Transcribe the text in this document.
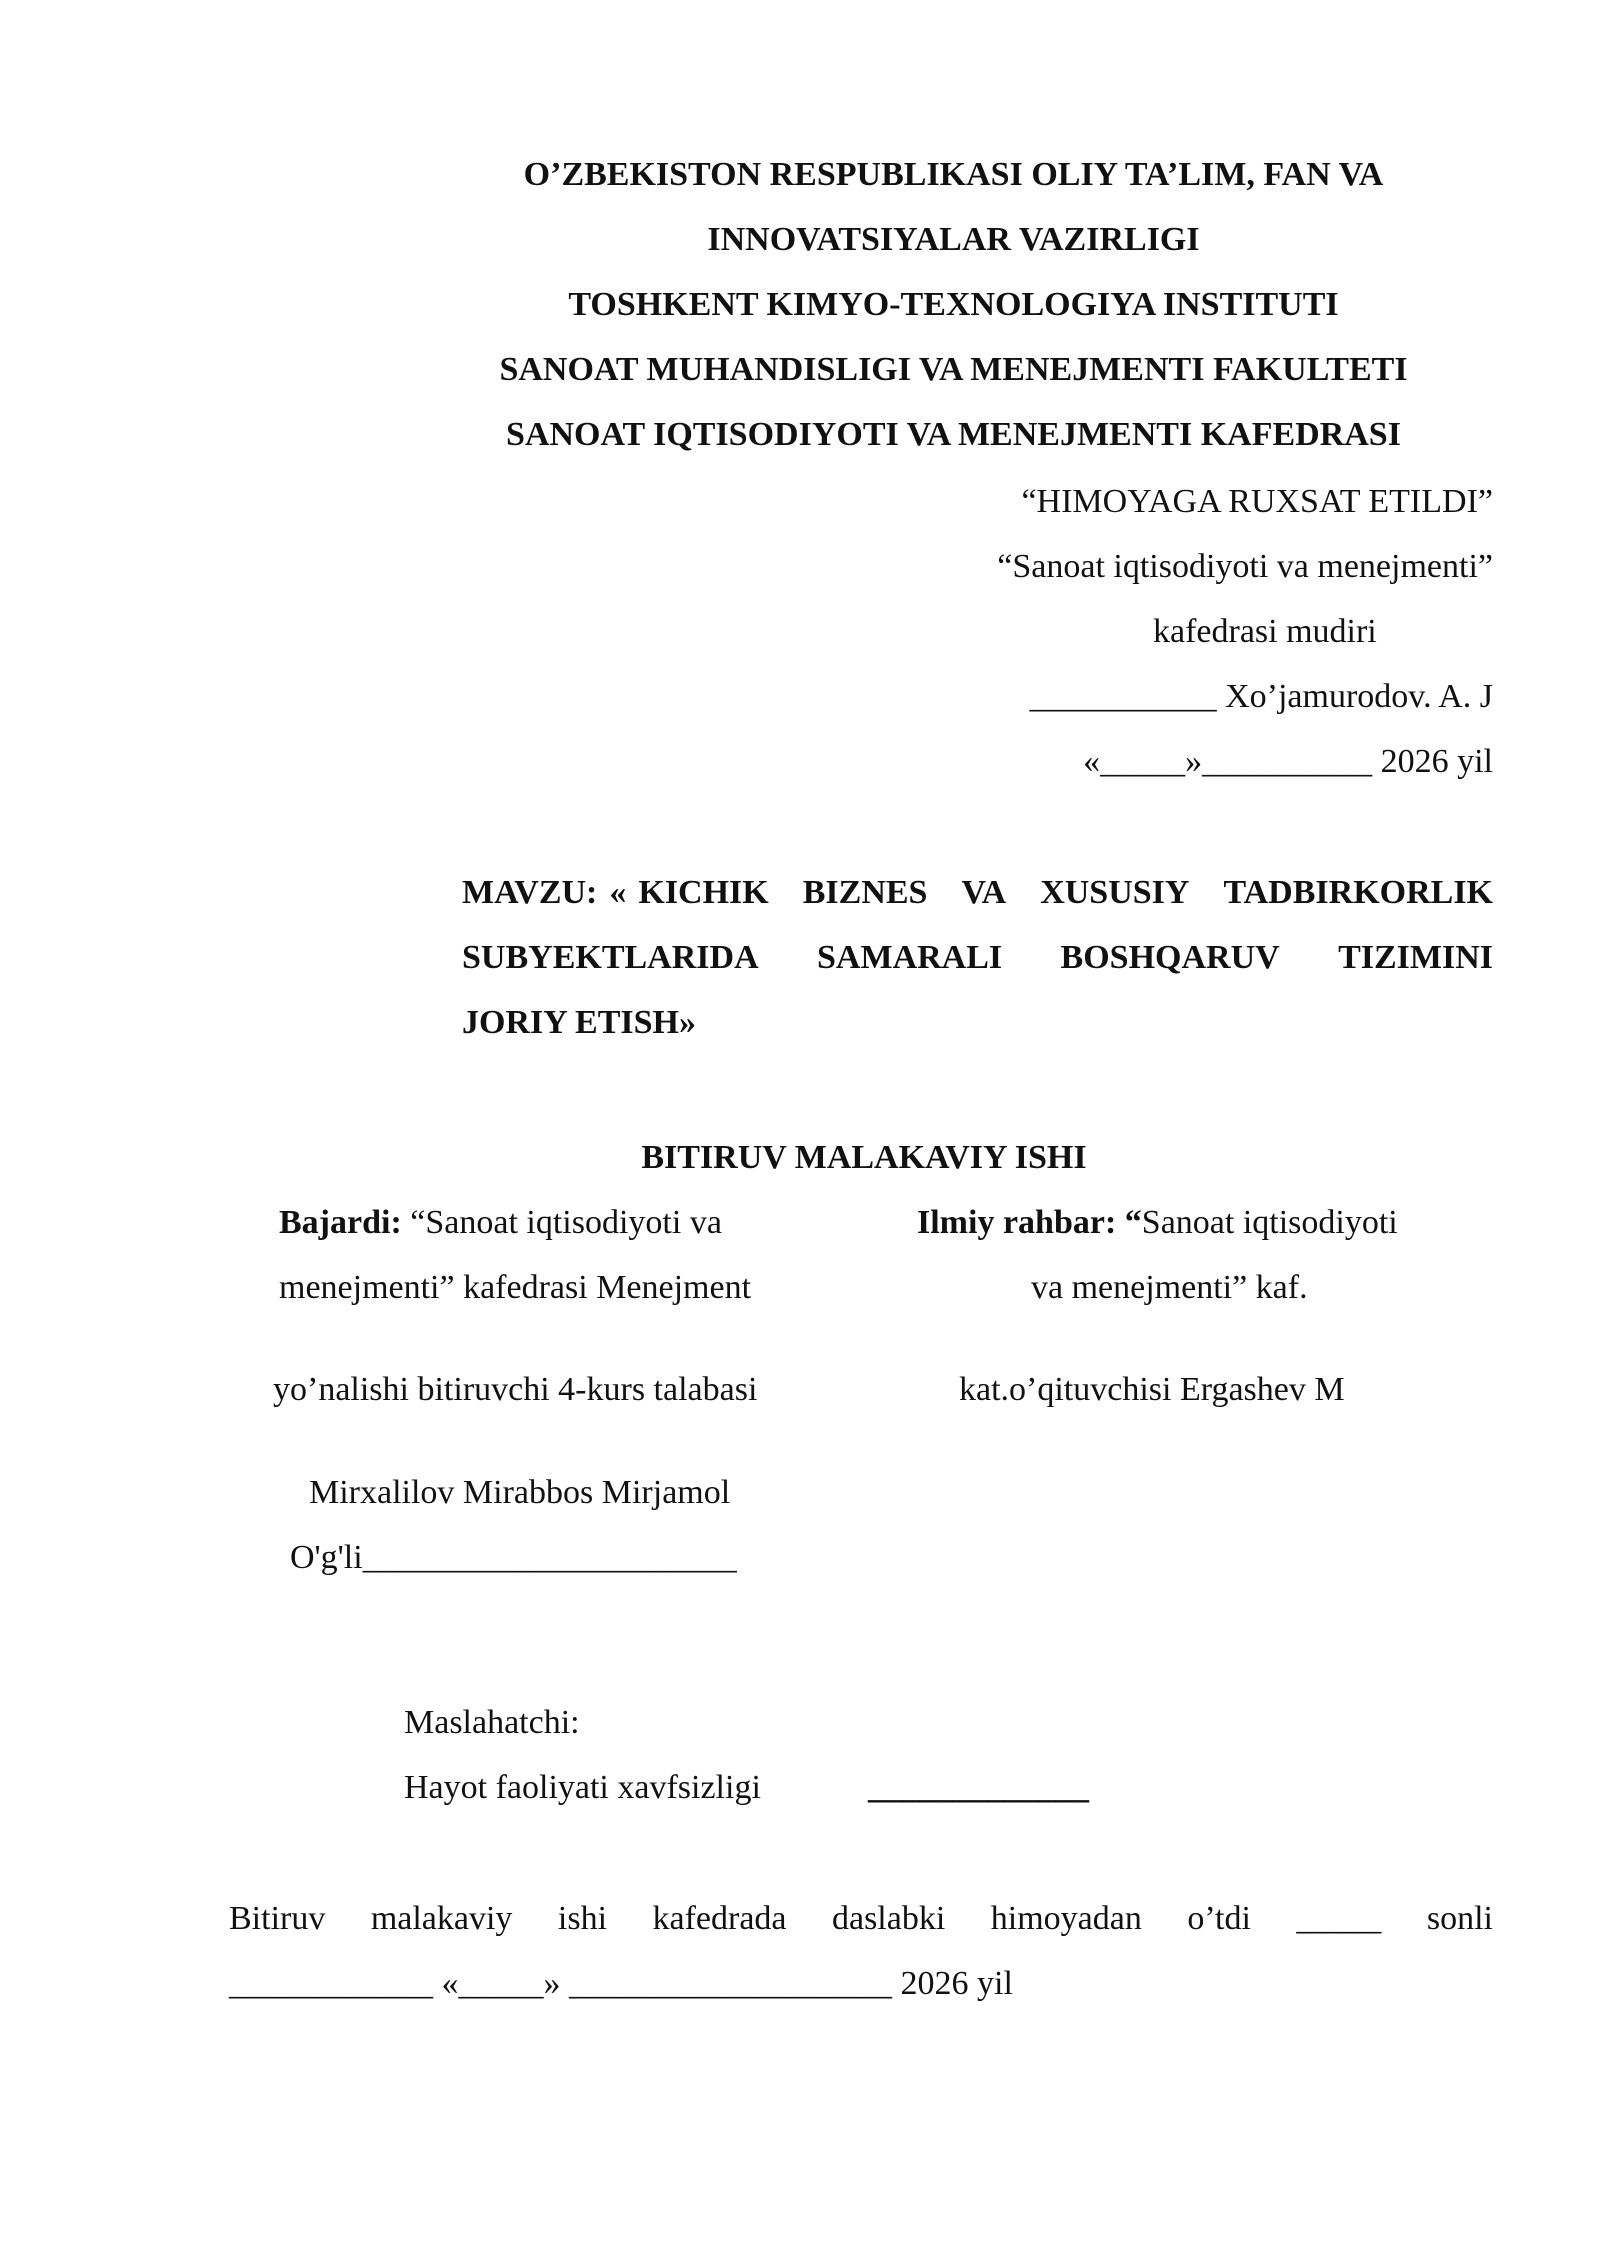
O’ZBEKISTON RESPUBLIKASI OLIY TA’LIM, FAN VA
INNOVATSIYALAR VAZIRLIGI
TOSHKENT KIMYO-TEXNOLOGIYA INSTITUTI
SANOAT MUHANDISLIGI VA MENEJMENTI FAKULTETI
SANOAT IQTISODIYOTI VA MENEJMENTI KAFEDRASI
“HIMOYAGA RUXSAT ETILDI”
“Sanoat iqtisodiyoti va menejmenti”
kafedrasi mudiri
___________ Xo’jamurodov. A. J
«_____»__________ 2026 yil
MAVZU: « KICHIK BIZNES VA XUSUSIY TADBIRKORLIK
SUBYEKTLARIDA SAMARALI BOSHQARUV TIZIMINI
JORIY ETISH»
BITIRUV MALAKAVIY ISHI
Bajardi: “Sanoat iqtisodiyoti va
menejmenti” kafedrasi Menejment
yo’nalishi bitiruvchi 4-kurs talabasi
Mirxalilov Mirabbos Mirjamol
O'g'li______________________
Ilmiy rahbar: “Sanoat iqtisodiyoti
va menejmenti” kaf.
kat.o’qituvchisi Ergashev M
Maslahatchi:
Hayot faoliyati xavfsizligi	_____________
Bitiruv malakaviy ishi kafedrada daslabki himoyadan o’tdi _____ sonli
____________ «_____» ___________________ 2026 yil
